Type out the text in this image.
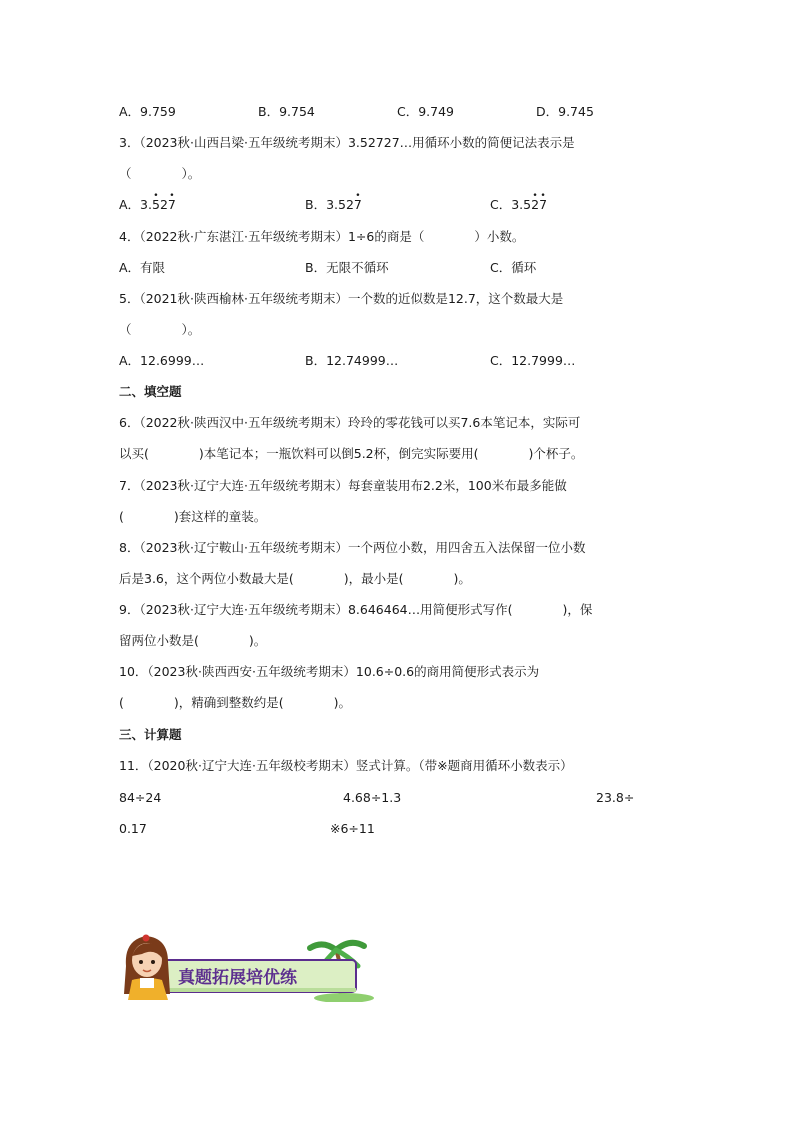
A．9.759	B．9.754	C．9.749	D．9.745
3．（2023秋·山西吕梁·五年级统考期末）3.52727…用循环小数的简便记法表示是
（　　　　）。
A．3.• 52• 7	B．3.52• 7	C．3.5• 2• 7
4．（2022秋·广东湛江·五年级统考期末）1÷6的商是（　　　　）小数。
A．有限	B．无限不循环	C．循环
5．（2021秋·陕西榆林·五年级统考期末）一个数的近似数是12.7，这个数最大是
（　　　　）。
A．12.6999…	B．12.74999…	C．12.7999…
二、填空题
6．（2022秋·陕西汉中·五年级统考期末）玲玲的零花钱可以买7.6本笔记本，实际可
以买(　　　　)本笔记本；一瓶饮料可以倒5.2杯，倒完实际要用(　　　　)个杯子。
7．（2023秋·辽宁大连·五年级统考期末）每套童装用布2.2米，100米布最多能做
(　　　　)套这样的童装。
8．（2023秋·辽宁鞍山·五年级统考期末）一个两位小数，用四舍五入法保留一位小数
后是3.6，这个两位小数最大是(　　　　)，最小是(　　　　)。
9．（2023秋·辽宁大连·五年级统考期末）8.646464…用简便形式写作(　　　　)，保
留两位小数是(　　　　)。
10．（2023秋·陕西西安·五年级统考期末）10.6÷0.6的商用简便形式表示为
(　　　　)，精确到整数约是(　　　　)。
三、计算题
11．（2020秋·辽宁大连·五年级校考期末）竖式计算。（带※题商用循环小数表示）
84÷24	4.68÷1.3	23.8÷
0.17	※6÷11
真题拓展培优练
